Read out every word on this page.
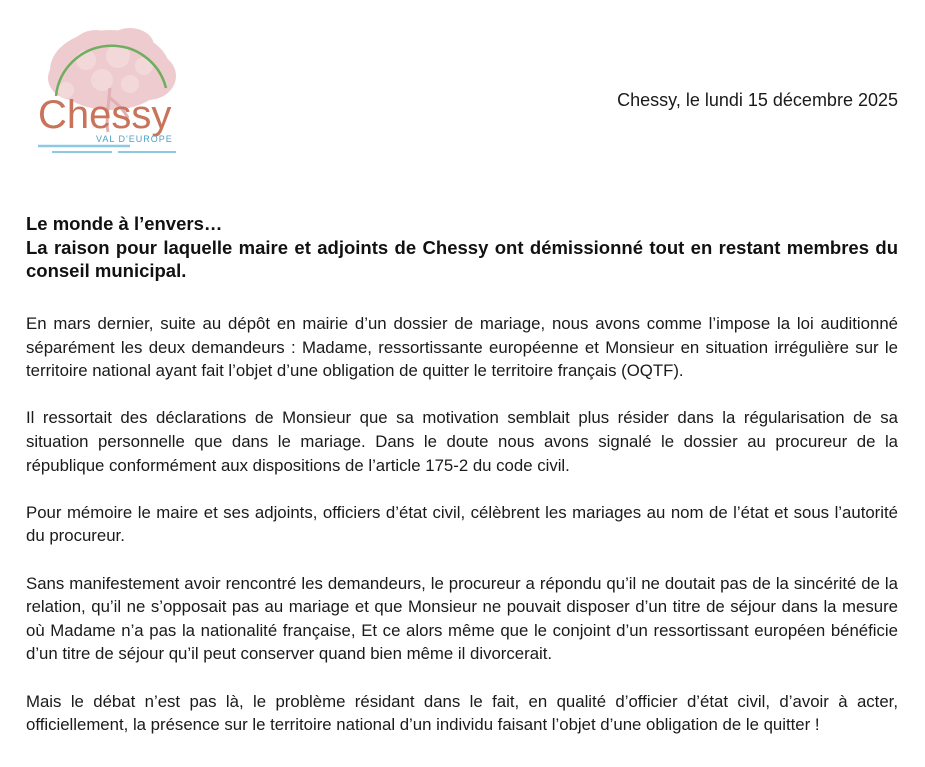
Chessy
VAL D'EUROPE
Chessy, le lundi 15 décembre 2025
Le monde à l’envers…
La raison pour laquelle maire et adjoints de Chessy ont démissionné tout en restant membres du conseil municipal.

En mars dernier, suite au dépôt en mairie d’un dossier de mariage, nous avons comme l’impose la loi auditionné séparément les deux demandeurs : Madame, ressortissante européenne et Monsieur en situation irrégulière sur le territoire national ayant fait l’objet d’une obligation de quitter le territoire français (OQTF).

Il ressortait des déclarations de Monsieur que sa motivation semblait plus résider dans la régularisation de sa situation personnelle que dans le mariage. Dans le doute nous avons signalé le dossier au procureur de la république conformément aux dispositions de l’article 175-2 du code civil.

Pour mémoire le maire et ses adjoints, officiers d’état civil, célèbrent les mariages au nom de l’état et sous l’autorité du procureur.

Sans manifestement avoir rencontré les demandeurs, le procureur a répondu qu’il ne doutait pas de la sincérité de la relation, qu’il ne s’opposait pas au mariage et que Monsieur ne pouvait disposer d’un titre de séjour dans la mesure où Madame n’a pas la nationalité française, Et ce alors même que le conjoint d’un ressortissant européen bénéficie d’un titre de séjour qu’il peut conserver quand bien même il divorcerait.

Mais le débat n’est pas là, le problème résidant dans le fait, en qualité d’officier d’état civil, d’avoir à acter, officiellement, la présence sur le territoire national d’un individu faisant l’objet d’une obligation de le quitter !
